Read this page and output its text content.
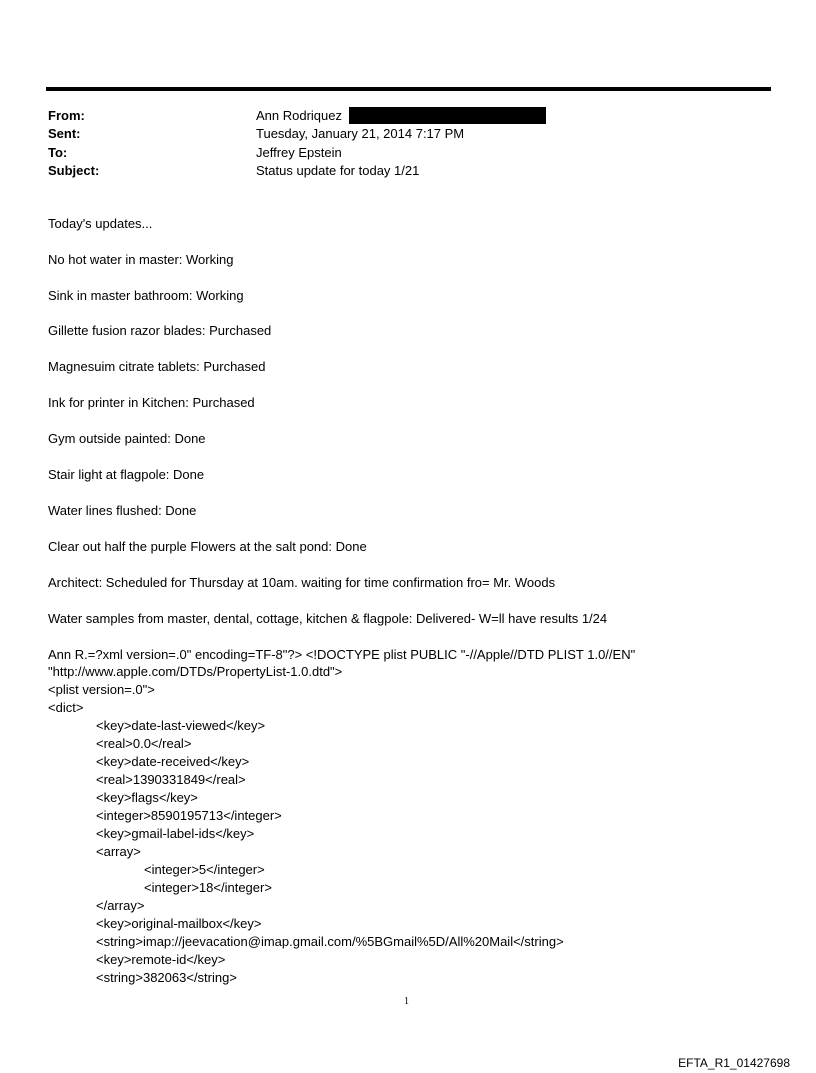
From:	Ann Rodriquez
Sent:	Tuesday, January 21, 2014 7:17 PM
To:	Jeffrey Epstein
Subject:	Status update for today 1/21
Today's updates...
No hot water in master: Working
Sink in master bathroom: Working
Gillette fusion razor blades: Purchased
Magnesuim citrate tablets: Purchased
Ink for printer in Kitchen: Purchased
Gym outside painted: Done
Stair light at flagpole: Done
Water lines flushed: Done
Clear out half the purple Flowers at the salt pond: Done
Architect: Scheduled for Thursday at 10am. waiting for time confirmation fro= Mr. Woods
Water samples from master, dental, cottage, kitchen & flagpole: Delivered- W=ll have results 1/24
Ann R.=?xml version=.0" encoding=TF-8"?> <!DOCTYPE plist PUBLIC "-//Apple//DTD PLIST 1.0//EN"
"http://www.apple.com/DTDs/PropertyList-1.0.dtd">
<plist version=.0">
<dict>
<key>date-last-viewed</key>
<real>0.0</real>
<key>date-received</key>
<real>1390331849</real>
<key>flags</key>
<integer>8590195713</integer>
<key>gmail-label-ids</key>
<array>
<integer>5</integer>
<integer>18</integer>
</array>
<key>original-mailbox</key>
<string>imap://jeevacation@imap.gmail.com/%5BGmail%5D/All%20Mail</string>
<key>remote-id</key>
<string>382063</string>
1
EFTA_R1_01427698
